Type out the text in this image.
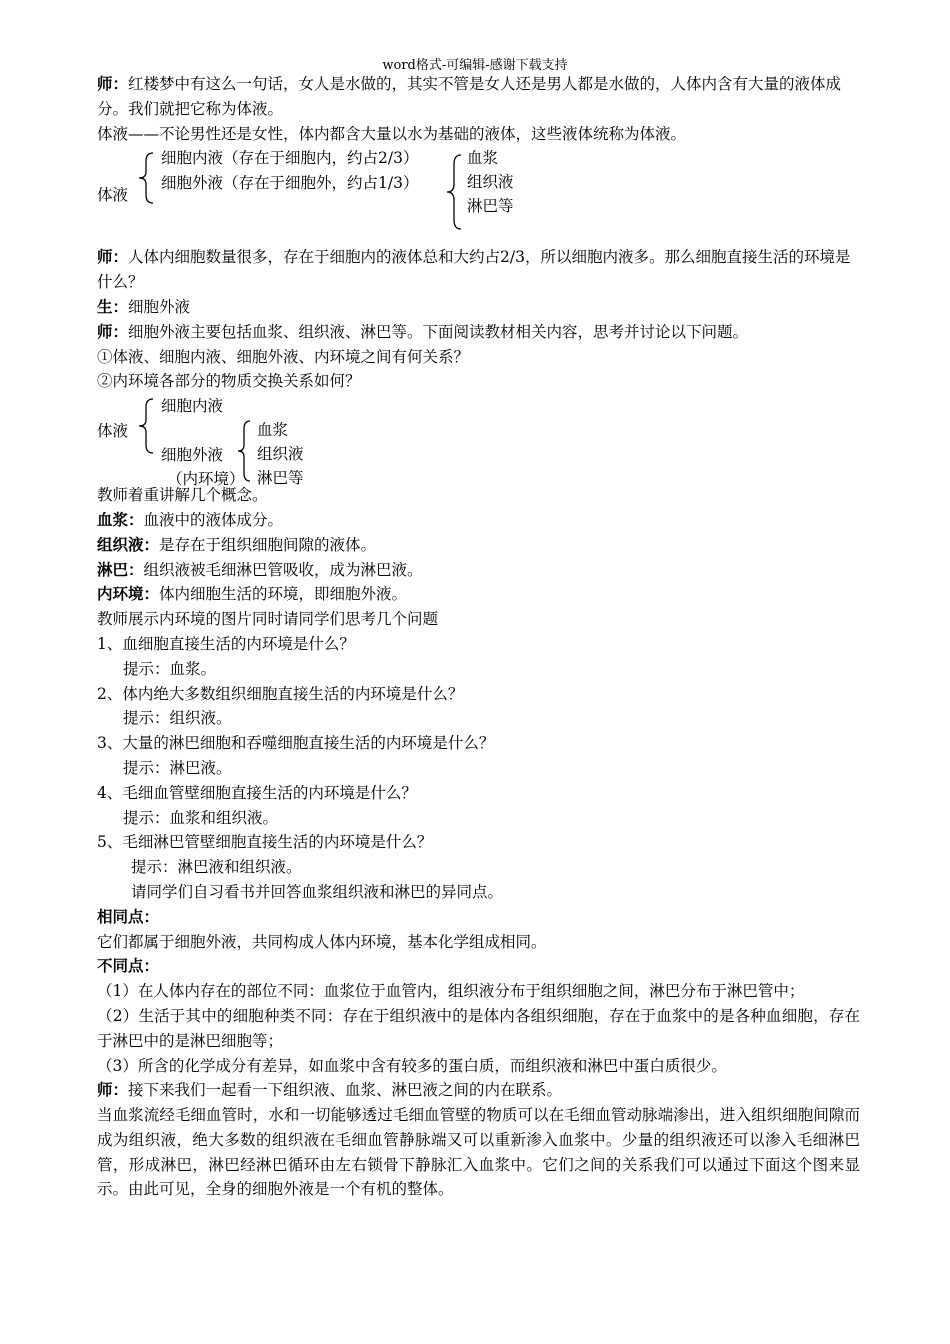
word格式-可编辑-感谢下载支持

师：红楼梦中有这么一句话，女人是水做的，其实不管是女人还是男人都是水做的，人体内含有大量的液体成分。我们就把它称为体液。

体液——不论男性还是女性，体内都含大量以水为基础的液体，这些液体统称为体液。

体液
细胞内液（存在于细胞内，约占2/3）
细胞外液（存在于细胞外，约占1/3）
血浆
组织液
淋巴等

师：人体内细胞数量很多，存在于细胞内的液体总和大约占2/3，所以细胞内液多。那么细胞直接生活的环境是什么？

生：细胞外液

师：细胞外液主要包括血浆、组织液、淋巴等。下面阅读教材相关内容，思考并讨论以下问题。

①体液、细胞内液、细胞外液、内环境之间有何关系？

②内环境各部分的物质交换关系如何？

体液
细胞内液
细胞外液
（内环境）
血浆
组织液
淋巴等

教师着重讲解几个概念。

血浆：血液中的液体成分。

组织液：是存在于组织细胞间隙的液体。

淋巴：组织液被毛细淋巴管吸收，成为淋巴液。

内环境：体内细胞生活的环境，即细胞外液。

教师展示内环境的图片同时请同学们思考几个问题

1、血细胞直接生活的内环境是什么？

提示：血浆。

2、体内绝大多数组织细胞直接生活的内环境是什么？

提示：组织液。

3、大量的淋巴细胞和吞噬细胞直接生活的内环境是什么？

提示：淋巴液。

4、毛细血管壁细胞直接生活的内环境是什么？

提示：血浆和组织液。

5、毛细淋巴管壁细胞直接生活的内环境是什么？

提示：淋巴液和组织液。

请同学们自习看书并回答血浆组织液和淋巴的异同点。

相同点：

它们都属于细胞外液，共同构成人体内环境，基本化学组成相同。

不同点：

（1）在人体内存在的部位不同：血浆位于血管内，组织液分布于组织细胞之间，淋巴分布于淋巴管中；

（2）生活于其中的细胞种类不同：存在于组织液中的是体内各组织细胞，存在于血浆中的是各种血细胞，存在于淋巴中的是淋巴细胞等；

（3）所含的化学成分有差异，如血浆中含有较多的蛋白质，而组织液和淋巴中蛋白质很少。

师：接下来我们一起看一下组织液、血浆、淋巴液之间的内在联系。

当血浆流经毛细血管时，水和一切能够透过毛细血管壁的物质可以在毛细血管动脉端渗出，进入组织细胞间隙而成为组织液，绝大多数的组织液在毛细血管静脉端又可以重新渗入血浆中。少量的组织液还可以渗入毛细淋巴管，形成淋巴，淋巴经淋巴循环由左右锁骨下静脉汇入血浆中。它们之间的关系我们可以通过下面这个图来显示。由此可见，全身的细胞外液是一个有机的整体。
